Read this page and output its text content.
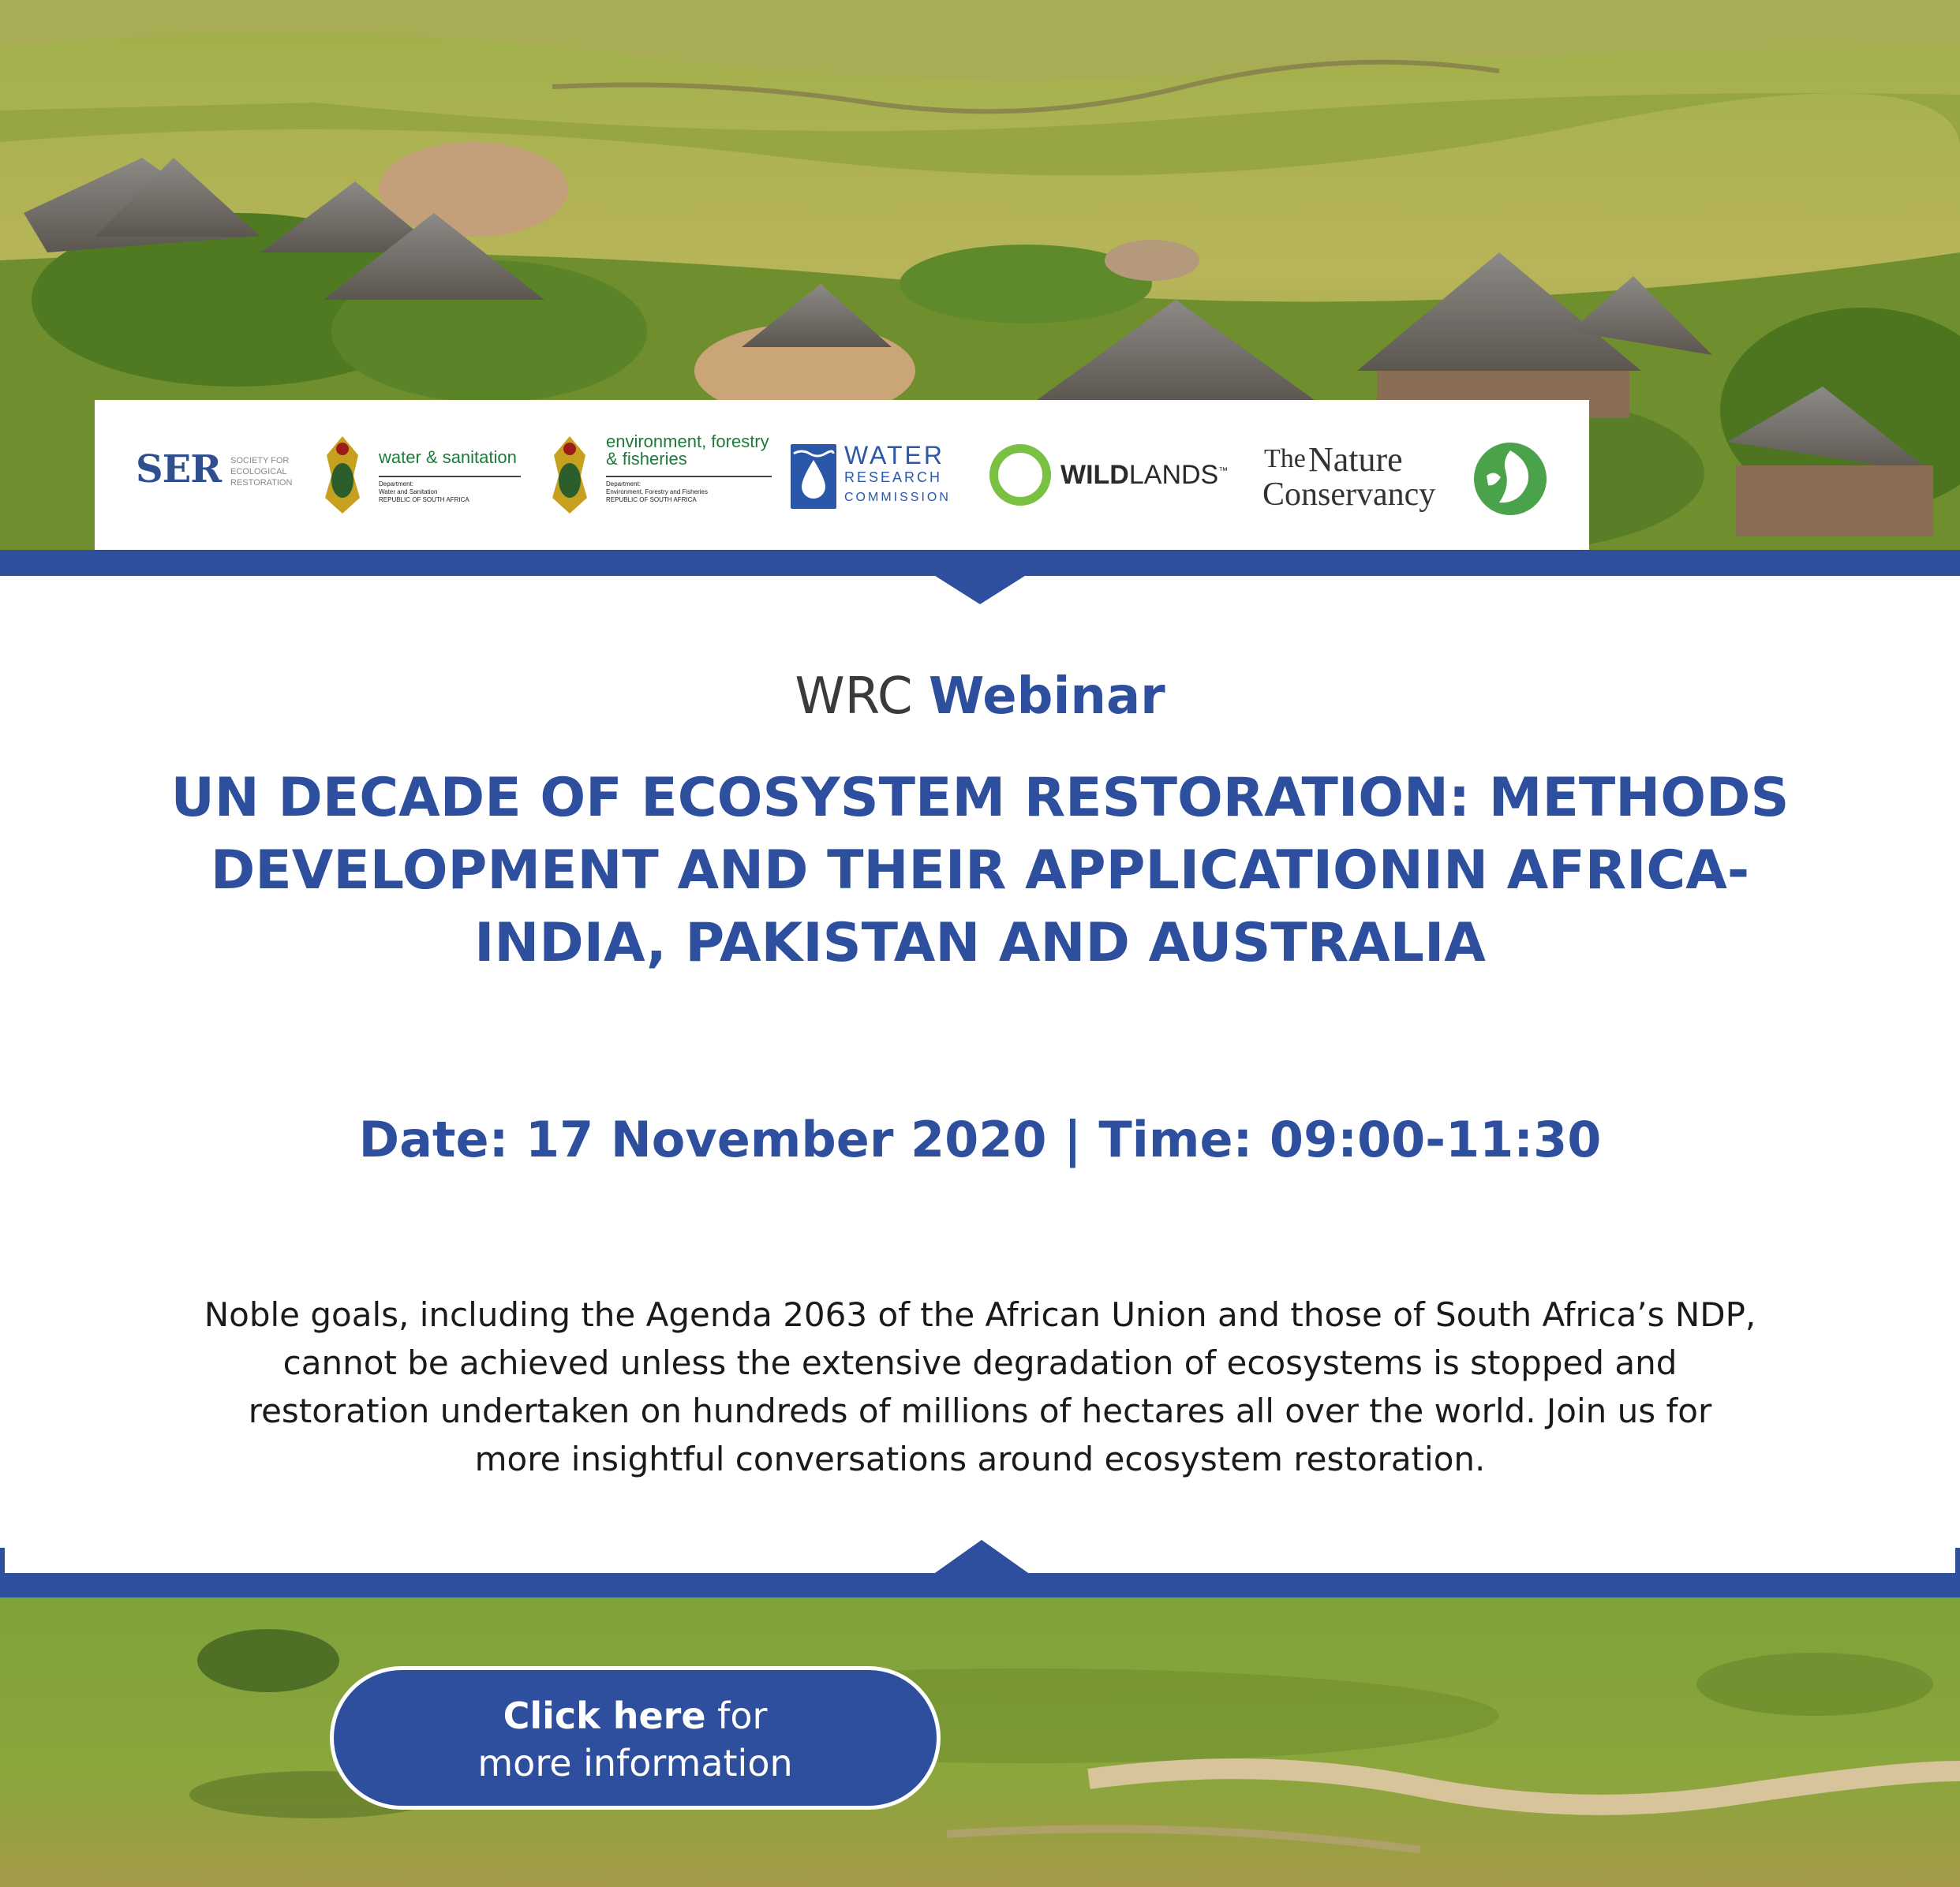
SER SOCIETY FOR
ECOLOGICAL
RESTORATION
water & sanitation
Department:
Water and Sanitation
REPUBLIC OF SOUTH AFRICA
environment, forestry
& fisheries
Department:
Environment, Forestry and Fisheries
REPUBLIC OF SOUTH AFRICA
WATER
RESEARCH
COMMISSION
WILDLANDS™ The Nature
Conservancy
WRC Webinar
UN DECADE OF ECOSYSTEM RESTORATION: METHODS
DEVELOPMENT AND THEIR APPLICATIONIN AFRICA-
INDIA, PAKISTAN AND AUSTRALIA
Date: 17 November 2020 | Time: 09:00-11:30
Noble goals, including the Agenda 2063 of the African Union and those of South Africa’s NDP,
cannot be achieved unless the extensive degradation of ecosystems is stopped and
restoration undertaken on hundreds of millions of hectares all over the world. Join us for
more insightful conversations around ecosystem restoration.
Click here for
more information
